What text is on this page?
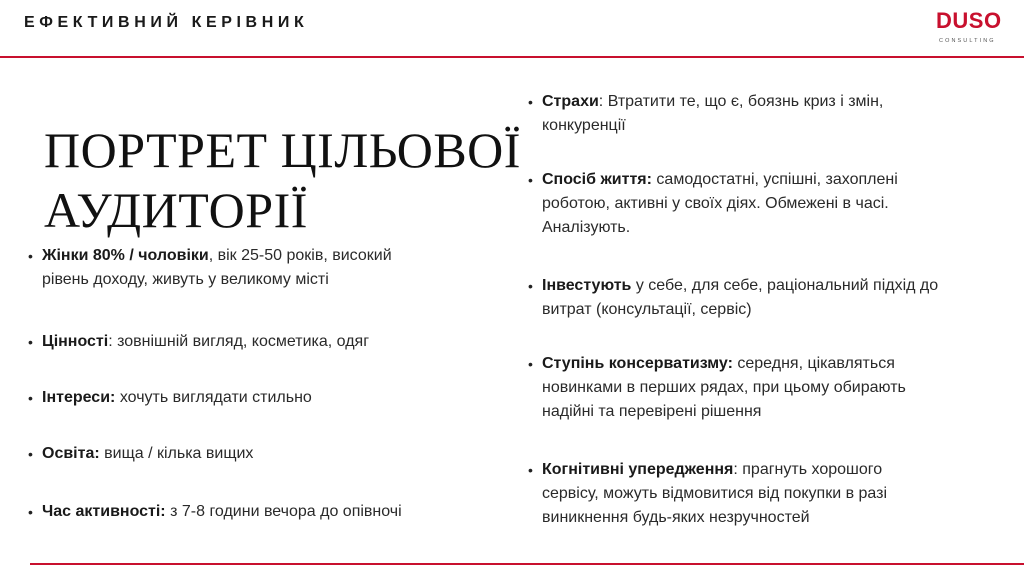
ЕФЕКТИВНИЙ КЕРІВНИК	DUSO
CONSULTING
ПОРТРЕТ ЦІЛЬОВОЇ
АУДИТОРІЇ
• Жінки 80% / чоловіки, вік 25-50 років, високий
рівень доходу, живуть у великому місті
• Цінності: зовнішній вигляд, косметика, одяг
• Інтереси: хочуть виглядати стильно
• Освіта: вища / кілька вищих
• Час активності: з 7-8 години вечора до опівночі
• Страхи: Втратити те, що є, боязнь криз і змін,
конкуренції
• Спосіб життя: самодостатні, успішні, захоплені
роботою, активні у своїх діях. Обмежені в часі.
Аналізують.
• Інвестують у себе, для себе, раціональний підхід до
витрат (консультації, сервіс)
• Ступінь консерватизму: середня, цікавляться
новинками в перших рядах, при цьому обирають
надійні та перевірені рішення
• Когнітивні упередження: прагнуть хорошого
сервісу, можуть відмовитися від покупки в разі
виникнення будь-яких незручностей
